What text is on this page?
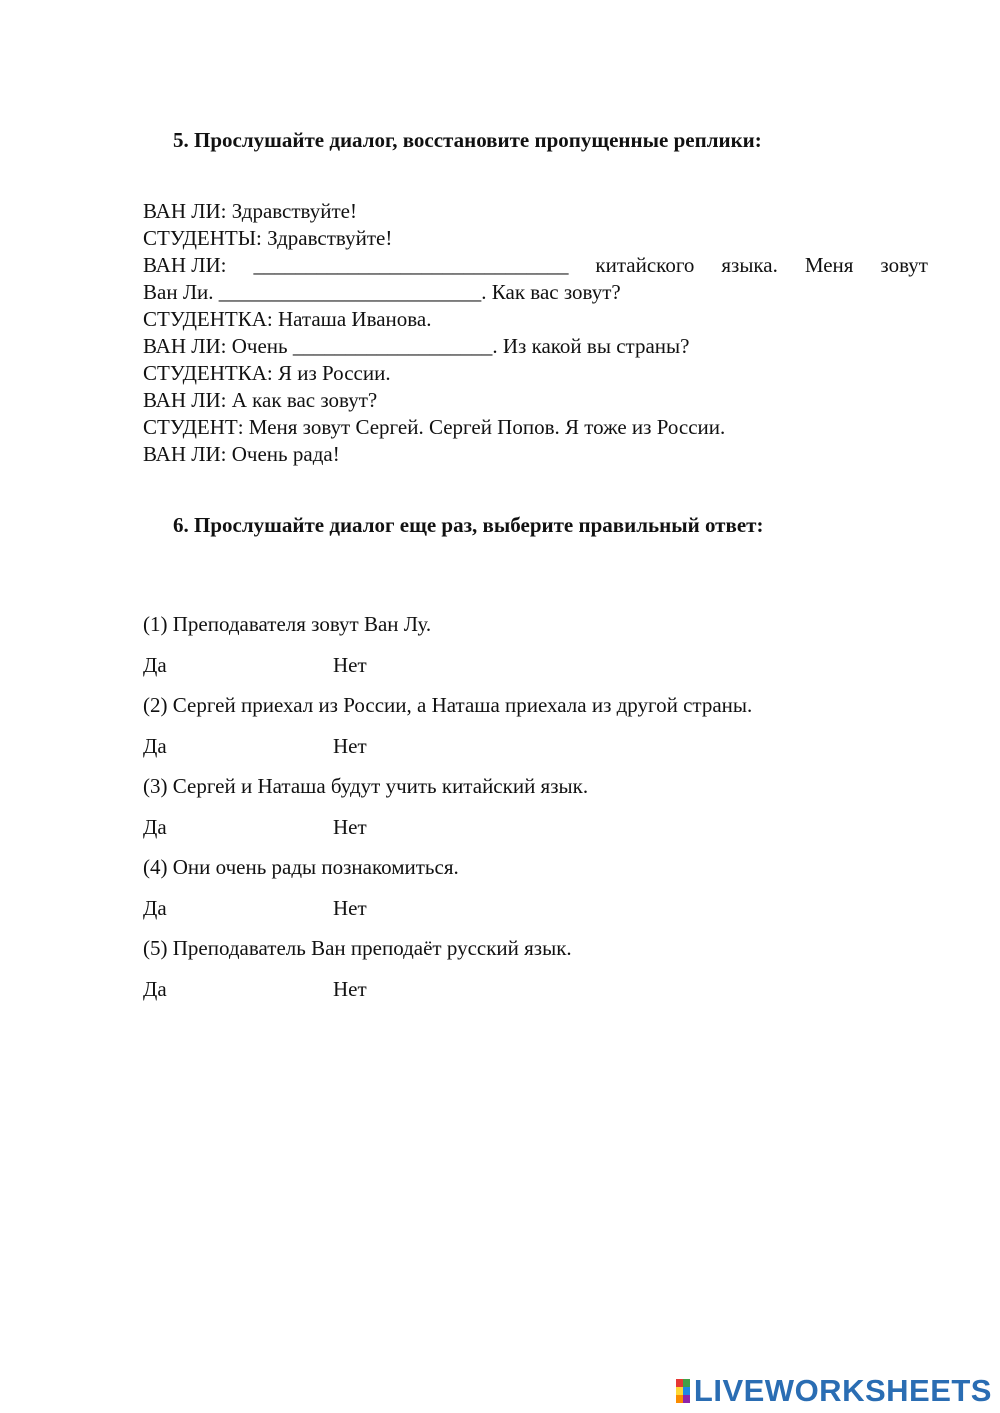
5. Прослушайте диалог, восстановите пропущенные реплики:
ВАН ЛИ: Здравствуйте!
СТУДЕНТЫ: Здравствуйте!
ВАН ЛИ: ______________________________ китайского языка. Меня зовут
Ван Ли. _________________________. Как вас зовут?
СТУДЕНТКА: Наташа Иванова.
ВАН ЛИ: Очень ___________________. Из какой вы страны?
СТУДЕНТКА: Я из России.
ВАН ЛИ: А как вас зовут?
СТУДЕНТ: Меня зовут Сергей. Сергей Попов. Я тоже из России.
ВАН ЛИ: Очень рада!
6. Прослушайте диалог еще раз, выберите правильный ответ:
(1) Преподавателя зовут Ван Лу.
Да	Нет
(2) Сергей приехал из России, а Наташа приехала из другой страны.
Да	Нет
(3) Сергей и Наташа будут учить китайский язык.
Да	Нет
(4) Они очень рады познакомиться.
Да	Нет
(5) Преподаватель Ван преподаёт русский язык.
Да	Нет
LIVEWORKSHEETS
